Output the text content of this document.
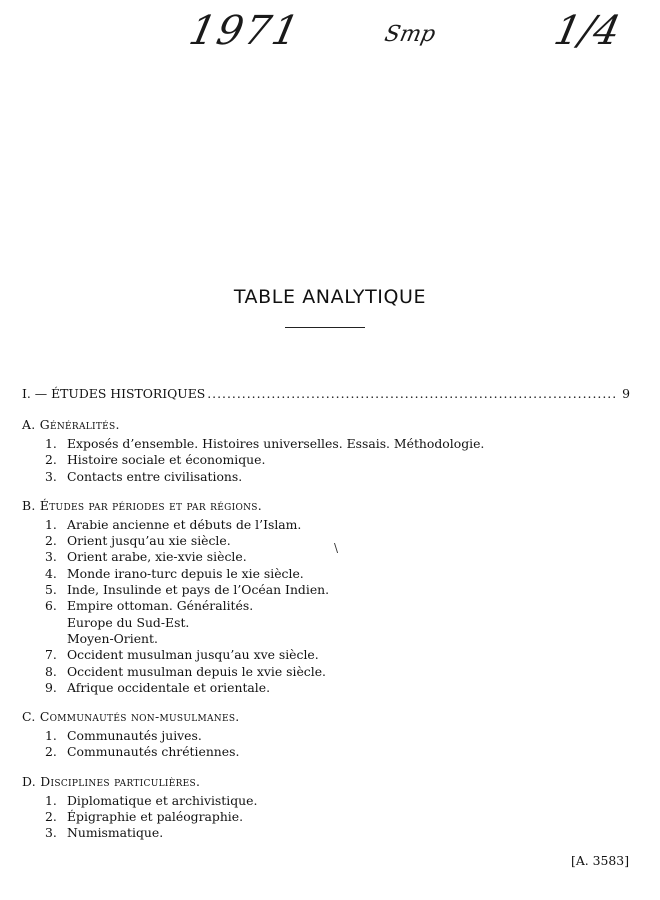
1971	Smp	1/4
TABLE ANALYTIQUE
I. — ÉTUDES HISTORIQUES
.....	9
A. Généralités.
1. Exposés d’ensemble. Histoires universelles. Essais. Méthodologie.
2. Histoire sociale et économique.
3. Contacts entre civilisations.
B. Études par périodes et par régions.
1. Arabie ancienne et débuts de l’Islam.
2. Orient jusqu’au xie siècle.
3. Orient arabe, xie-xvie siècle.
4. Monde irano-turc depuis le xie siècle.
5. Inde, Insulinde et pays de l’Océan Indien.
6. Empire ottoman. Généralités.
Europe du Sud-Est.
Moyen-Orient.
7. Occident musulman jusqu’au xve siècle.
8. Occident musulman depuis le xvie siècle.
9. Afrique occidentale et orientale.
C. Communautés non-musulmanes.
1. Communautés juives.
2. Communautés chrétiennes.
D. Disciplines particulières.
1. Diplomatique et archivistique.
2. Épigraphie et paléographie.
3. Numismatique.
\
[A. 3583]
